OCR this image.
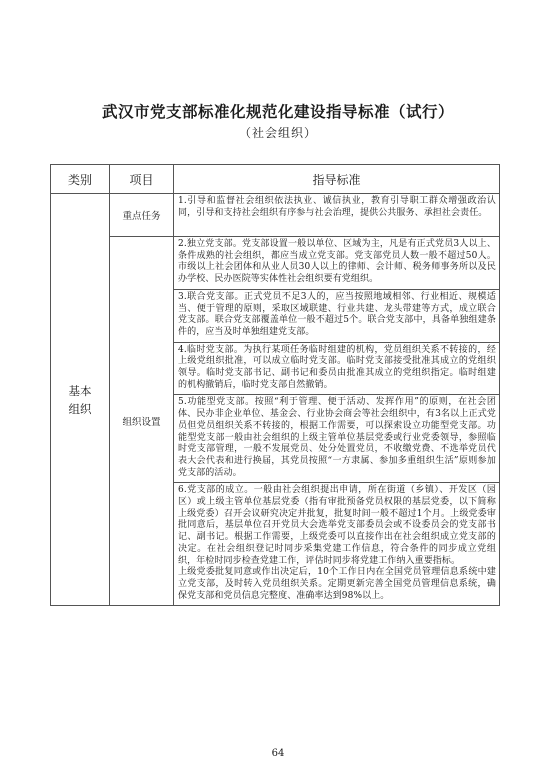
武汉市党支部标准化规范化建设指导标准（试行）
（社会组织）
类别	项目	指导标准
基本组织	重点任务	1.引导和监督社会组织依法执业、诚信执业，教育引导职工群众增强政治认同，引导和支持社会组织有序参与社会治理，提供公共服务、承担社会责任。
	组织设置	2.独立党支部。党支部设置一般以单位、区域为主，凡是有正式党员3人以上、条件成熟的社会组织，都应当成立党支部。党支部党员人数一般不超过50人。市级以上社会团体和从业人员30人以上的律师、会计师、税务师事务所以及民办学校、民办医院等实体性社会组织要有党组织。
		3.联合党支部。正式党员不足3人的，应当按照地域相邻、行业相近、规模适当、便于管理的原则，采取区域联建、行业共建、龙头带建等方式，成立联合党支部。联合党支部覆盖单位一般不超过5个。联合党支部中，具备单独组建条件的，应当及时单独组建党支部。
		4.临时党支部。为执行某项任务临时组建的机构，党员组织关系不转接的，经上级党组织批准，可以成立临时党支部。临时党支部接受批准其成立的党组织领导。临时党支部书记、副书记和委员由批准其成立的党组织指定。临时组建的机构撤销后，临时党支部自然撤销。
		5.功能型党支部。按照“利于管理、便于活动、发挥作用”的原则，在社会团体、民办非企业单位、基金会、行业协会商会等社会组织中，有3名以上正式党员但党员组织关系不转接的，根据工作需要，可以探索设立功能型党支部。功能型党支部一般由社会组织的上级主管单位基层党委或行业党委领导，参照临时党支部管理，一般不发展党员、处分处置党员，不收缴党费、不选举党员代表大会代表和进行换届，其党员按照“一方隶属、参加多重组织生活”原则参加党支部的活动。

		6.党支部的成立。一般由社会组织提出申请，所在街道（乡镇）、开发区（园区）或上级主管单位基层党委（指有审批预备党员权限的基层党委，以下简称上级党委）召开会议研究决定并批复，批复时间一般不超过1个月。上级党委审批同意后，基层单位召开党员大会选举党支部委员会或不设委员会的党支部书记、副书记。根据工作需要，上级党委可以直接作出在社会组织成立党支部的决定。在社会组织登记时同步采集党建工作信息，符合条件的同步成立党组织，年检时同步检查党建工作，评估时同步将党建工作纳入重要指标。
上级党委批复同意或作出决定后，10个工作日内在全国党员管理信息系统中建立党支部，及时转入党员组织关系。定期更新完善全国党员管理信息系统，确保党支部和党员信息完整度、准确率达到98%以上。
64
